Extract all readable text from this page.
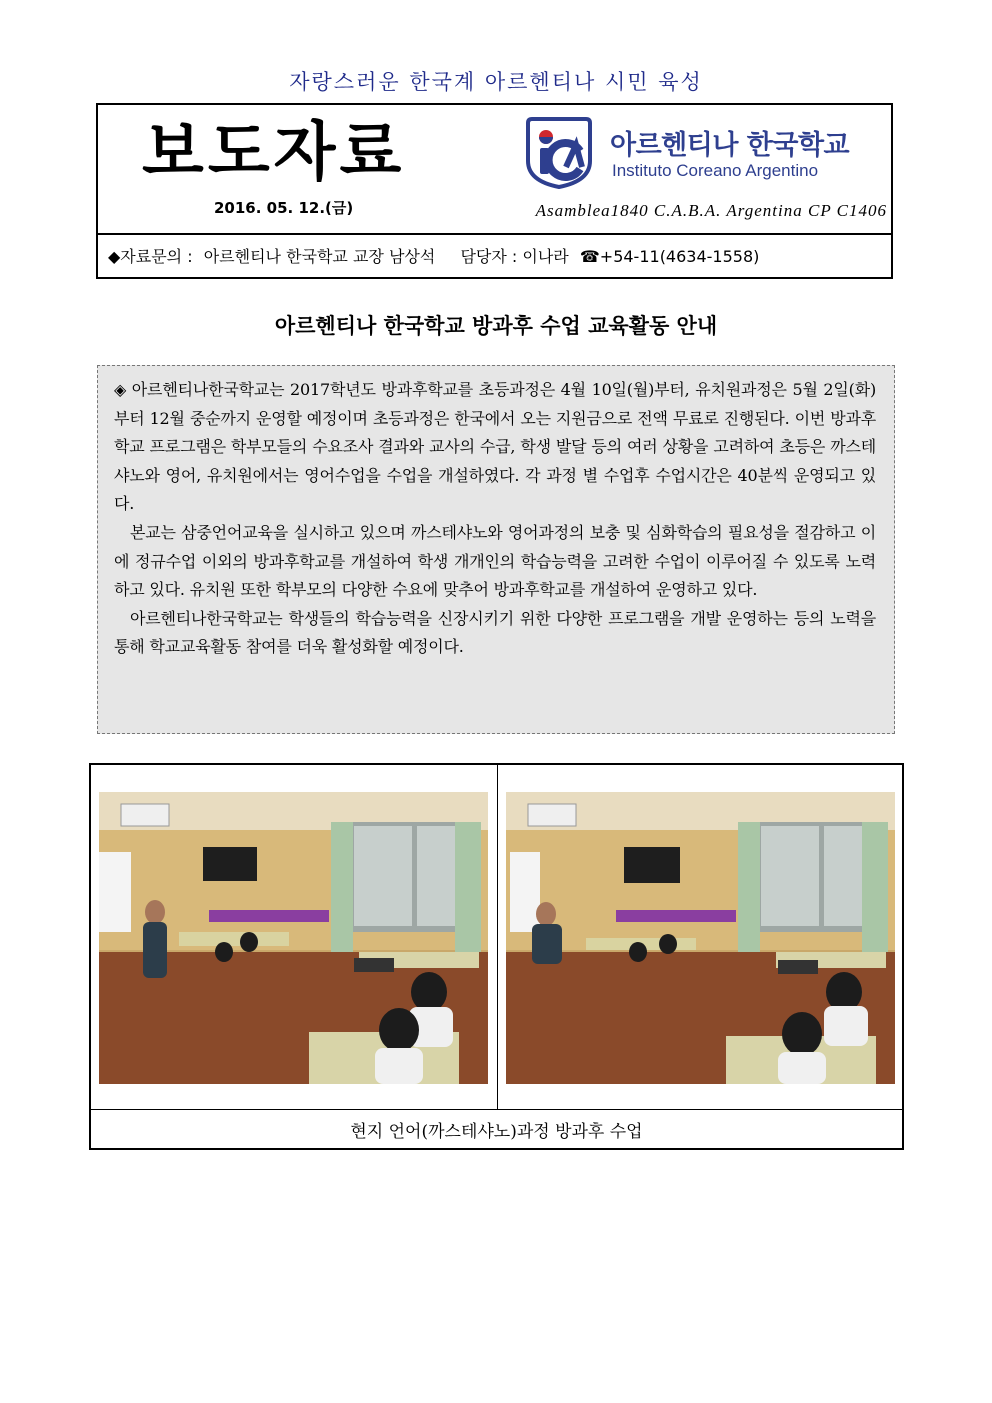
자랑스러운 한국계 아르헨티나 시민 육성
보도자료
2016. 05. 12.(금)
아르헨티나 한국학교
Instituto Coreano Argentino
Asamblea1840 C.A.B.A. Argentina CP C1406
◆자료문의 : 아르헨티나 한국학교 교장 남상석 담당자 : 이나라 ☎+54-11(4634-1558)
아르헨티나 한국학교 방과후 수업 교육활동 안내

◈ 아르헨티나한국학교는 2017학년도 방과후학교를 초등과정은 4월 10일(월)부터, 유치원과정은 5월 2일(화)부터 12월 중순까지 운영할 예정이며 초등과정은 한국에서 오는 지원금으로 전액 무료로 진행된다. 이번 방과후학교 프로그램은 학부모들의 수요조사 결과와 교사의 수급, 학생 발달 등의 여러 상황을 고려하여 초등은 까스테샤노와 영어, 유치원에서는 영어수업을 수업을 개설하였다. 각 과정 별 수업후 수업시간은 40분씩 운영되고 있다.

본교는 삼중언어교육을 실시하고 있으며 까스테샤노와 영어과정의 보충 및 심화학습의 필요성을 절감하고 이에 정규수업 이외의 방과후학교를 개설하여 학생 개개인의 학습능력을 고려한 수업이 이루어질 수 있도록 노력하고 있다. 유치원 또한 학부모의 다양한 수요에 맞추어 방과후학교를 개설하여 운영하고 있다.

아르헨티나한국학교는 학생들의 학습능력을 신장시키기 위한 다양한 프로그램을 개발 운영하는 등의 노력을 통해 학교교육활동 참여를 더욱 활성화할 예정이다.

현지 언어(까스테샤노)과정 방과후 수업
